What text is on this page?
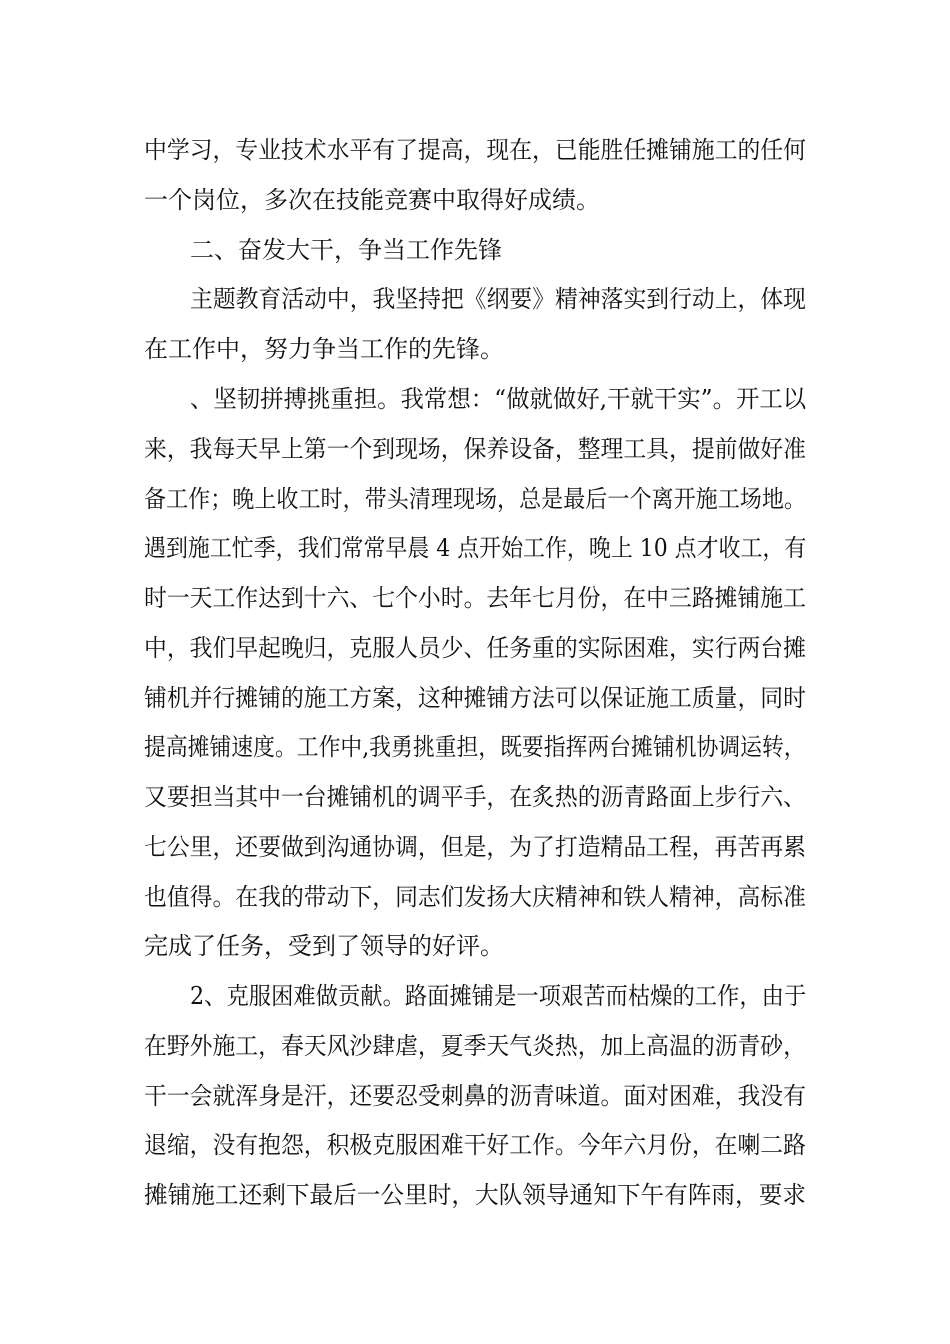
中学习，专业技术水平有了提高，现在，已能胜任摊铺施工的任何
一个岗位，多次在技能竞赛中取得好成绩。
二、奋发大干，争当工作先锋
主题教育活动中，我坚持把《纲要》精神落实到行动上，体现
在工作中，努力争当工作的先锋。
、坚韧拼搏挑重担。我常想：“做就做好,干就干实”。开工以
来，我每天早上第一个到现场，保养设备，整理工具，提前做好准
备工作；晚上收工时，带头清理现场，总是最后一个离开施工场地。
遇到施工忙季，我们常常早晨 4 点开始工作，晚上 10 点才收工，有
时一天工作达到十六、七个小时。去年七月份，在中三路摊铺施工
中，我们早起晚归，克服人员少、任务重的实际困难，实行两台摊
铺机并行摊铺的施工方案，这种摊铺方法可以保证施工质量，同时
提高摊铺速度。工作中,我勇挑重担，既要指挥两台摊铺机协调运转，
又要担当其中一台摊铺机的调平手，在炙热的沥青路面上步行六、
七公里，还要做到沟通协调，但是，为了打造精品工程，再苦再累
也值得。在我的带动下，同志们发扬大庆精神和铁人精神，高标准
完成了任务，受到了领导的好评。
2、克服困难做贡献。路面摊铺是一项艰苦而枯燥的工作，由于
在野外施工，春天风沙肆虐，夏季天气炎热，加上高温的沥青砂，
干一会就浑身是汗，还要忍受刺鼻的沥青味道。面对困难，我没有
退缩，没有抱怨，积极克服困难干好工作。今年六月份，在喇二路
摊铺施工还剩下最后一公里时，大队领导通知下午有阵雨，要求
